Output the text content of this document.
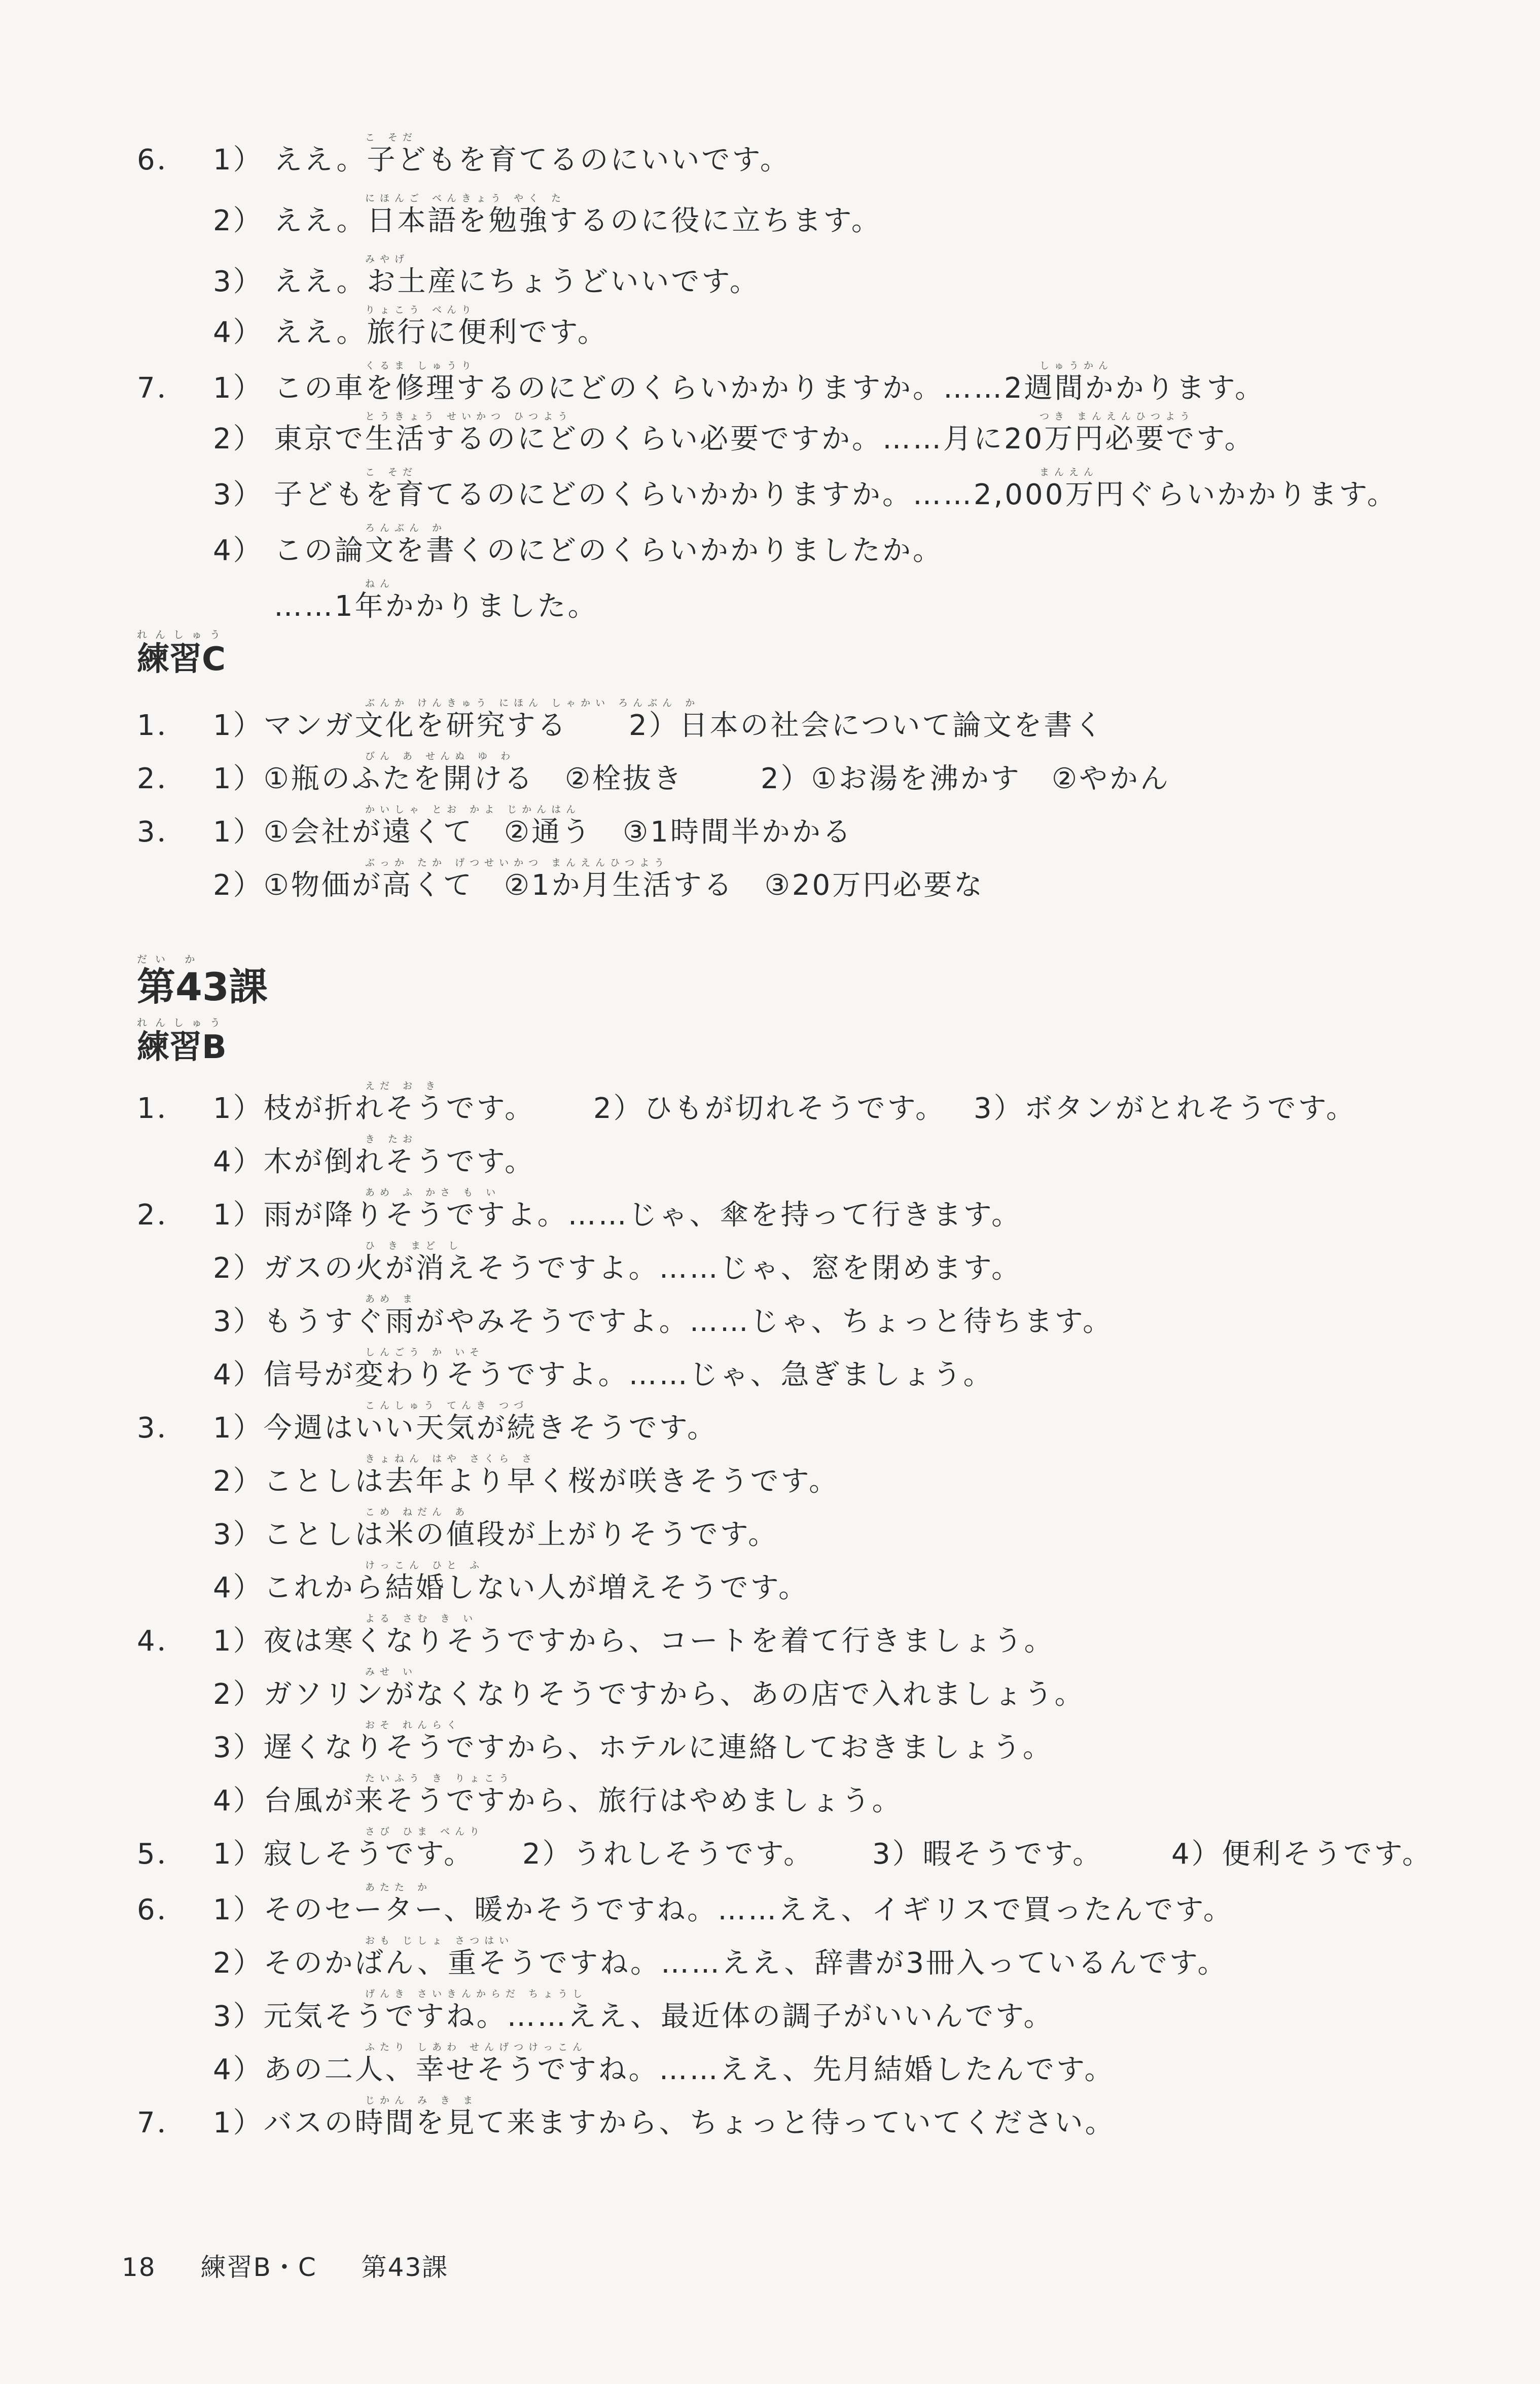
こ そだ
6． 1） ええ。子どもを育てるのにいいです。
にほんご べんきょう やく た
2） ええ。日本語を勉強するのに役に立ちます。
みやげ
3） ええ。お土産にちょうどいいです。
りょこう べんり
4） ええ。旅行に便利です。
くるま しゅうり	しゅうかん
7． 1） この車を修理するのにどのくらいかかりますか。……2週間かかります。
とうきょう せいかつ ひつよう	つき まんえんひつよう
2） 東京で生活するのにどのくらい必要ですか。……月に20万円必要です。
こ そだ	まんえん
3） 子どもを育てるのにどのくらいかかりますか。……2,000万円ぐらいかかります。
ろんぶん か
4） この論文を書くのにどのくらいかかりましたか。
ねん
……1年かかりました。
れんしゅう
練習C
ぶんか けんきゅう にほん しゃかい ろんぶん か
1． 1）マンガ文化を研究する 2）日本の社会について論文を書く
びん あ せんぬ ゆ わ
2． 1）①瓶のふたを開ける　②栓抜き	2）①お湯を沸かす　②やかん
かいしゃ とお かよ じかんはん
3． 1）①会社が遠くて　②通う　③1時間半かかる
ぶっか たか げつせいかつ まんえんひつよう
2）①物価が高くて　②1か月生活する　③20万円必要な
だい か
第43課
れんしゅう
練習B
えだ お き
1． 1）枝が折れそうです。 2）ひもが切れそうです。 3）ボタンがとれそうです。
き たお
4）木が倒れそうです。
あめ ふ かさ も い
2． 1）雨が降りそうですよ。……じゃ、傘を持って行きます。
ひ き まど し
2）ガスの火が消えそうですよ。……じゃ、窓を閉めます。
あめ ま
3）もうすぐ雨がやみそうですよ。……じゃ、ちょっと待ちます。
しんごう か いそ
4）信号が変わりそうですよ。……じゃ、急ぎましょう。
こんしゅう てんき つづ
3． 1）今週はいい天気が続きそうです。
きょねん はや さくら さ
2）ことしは去年より早く桜が咲きそうです。
こめ ねだん あ
3）ことしは米の値段が上がりそうです。
けっこん ひと ふ
4）これから結婚しない人が増えそうです。
よる さむ き い
4． 1）夜は寒くなりそうですから、コートを着て行きましょう。
みせ い
2）ガソリンがなくなりそうですから、あの店で入れましょう。
おそ れんらく
3）遅くなりそうですから、ホテルに連絡しておきましょう。
たいふう き りょこう
4）台風が来そうですから、旅行はやめましょう。
さび ひま べんり
5． 1）寂しそうです。 2）うれしそうです。 3）暇そうです。 4）便利そうです。
あたた か
6． 1）そのセーター、暖かそうですね。……ええ、イギリスで買ったんです。
おも じしょ さつはい
2）そのかばん、重そうですね。……ええ、辞書が3冊入っているんです。
げんき さいきんからだ ちょうし
3）元気そうですね。……ええ、最近体の調子がいいんです。
ふたり しあわ せんげつけっこん
4）あの二人、幸せそうですね。……ええ、先月結婚したんです。
じかん み き ま
7． 1）バスの時間を見て来ますから、ちょっと待っていてください。
18 練習B・C 第43課
